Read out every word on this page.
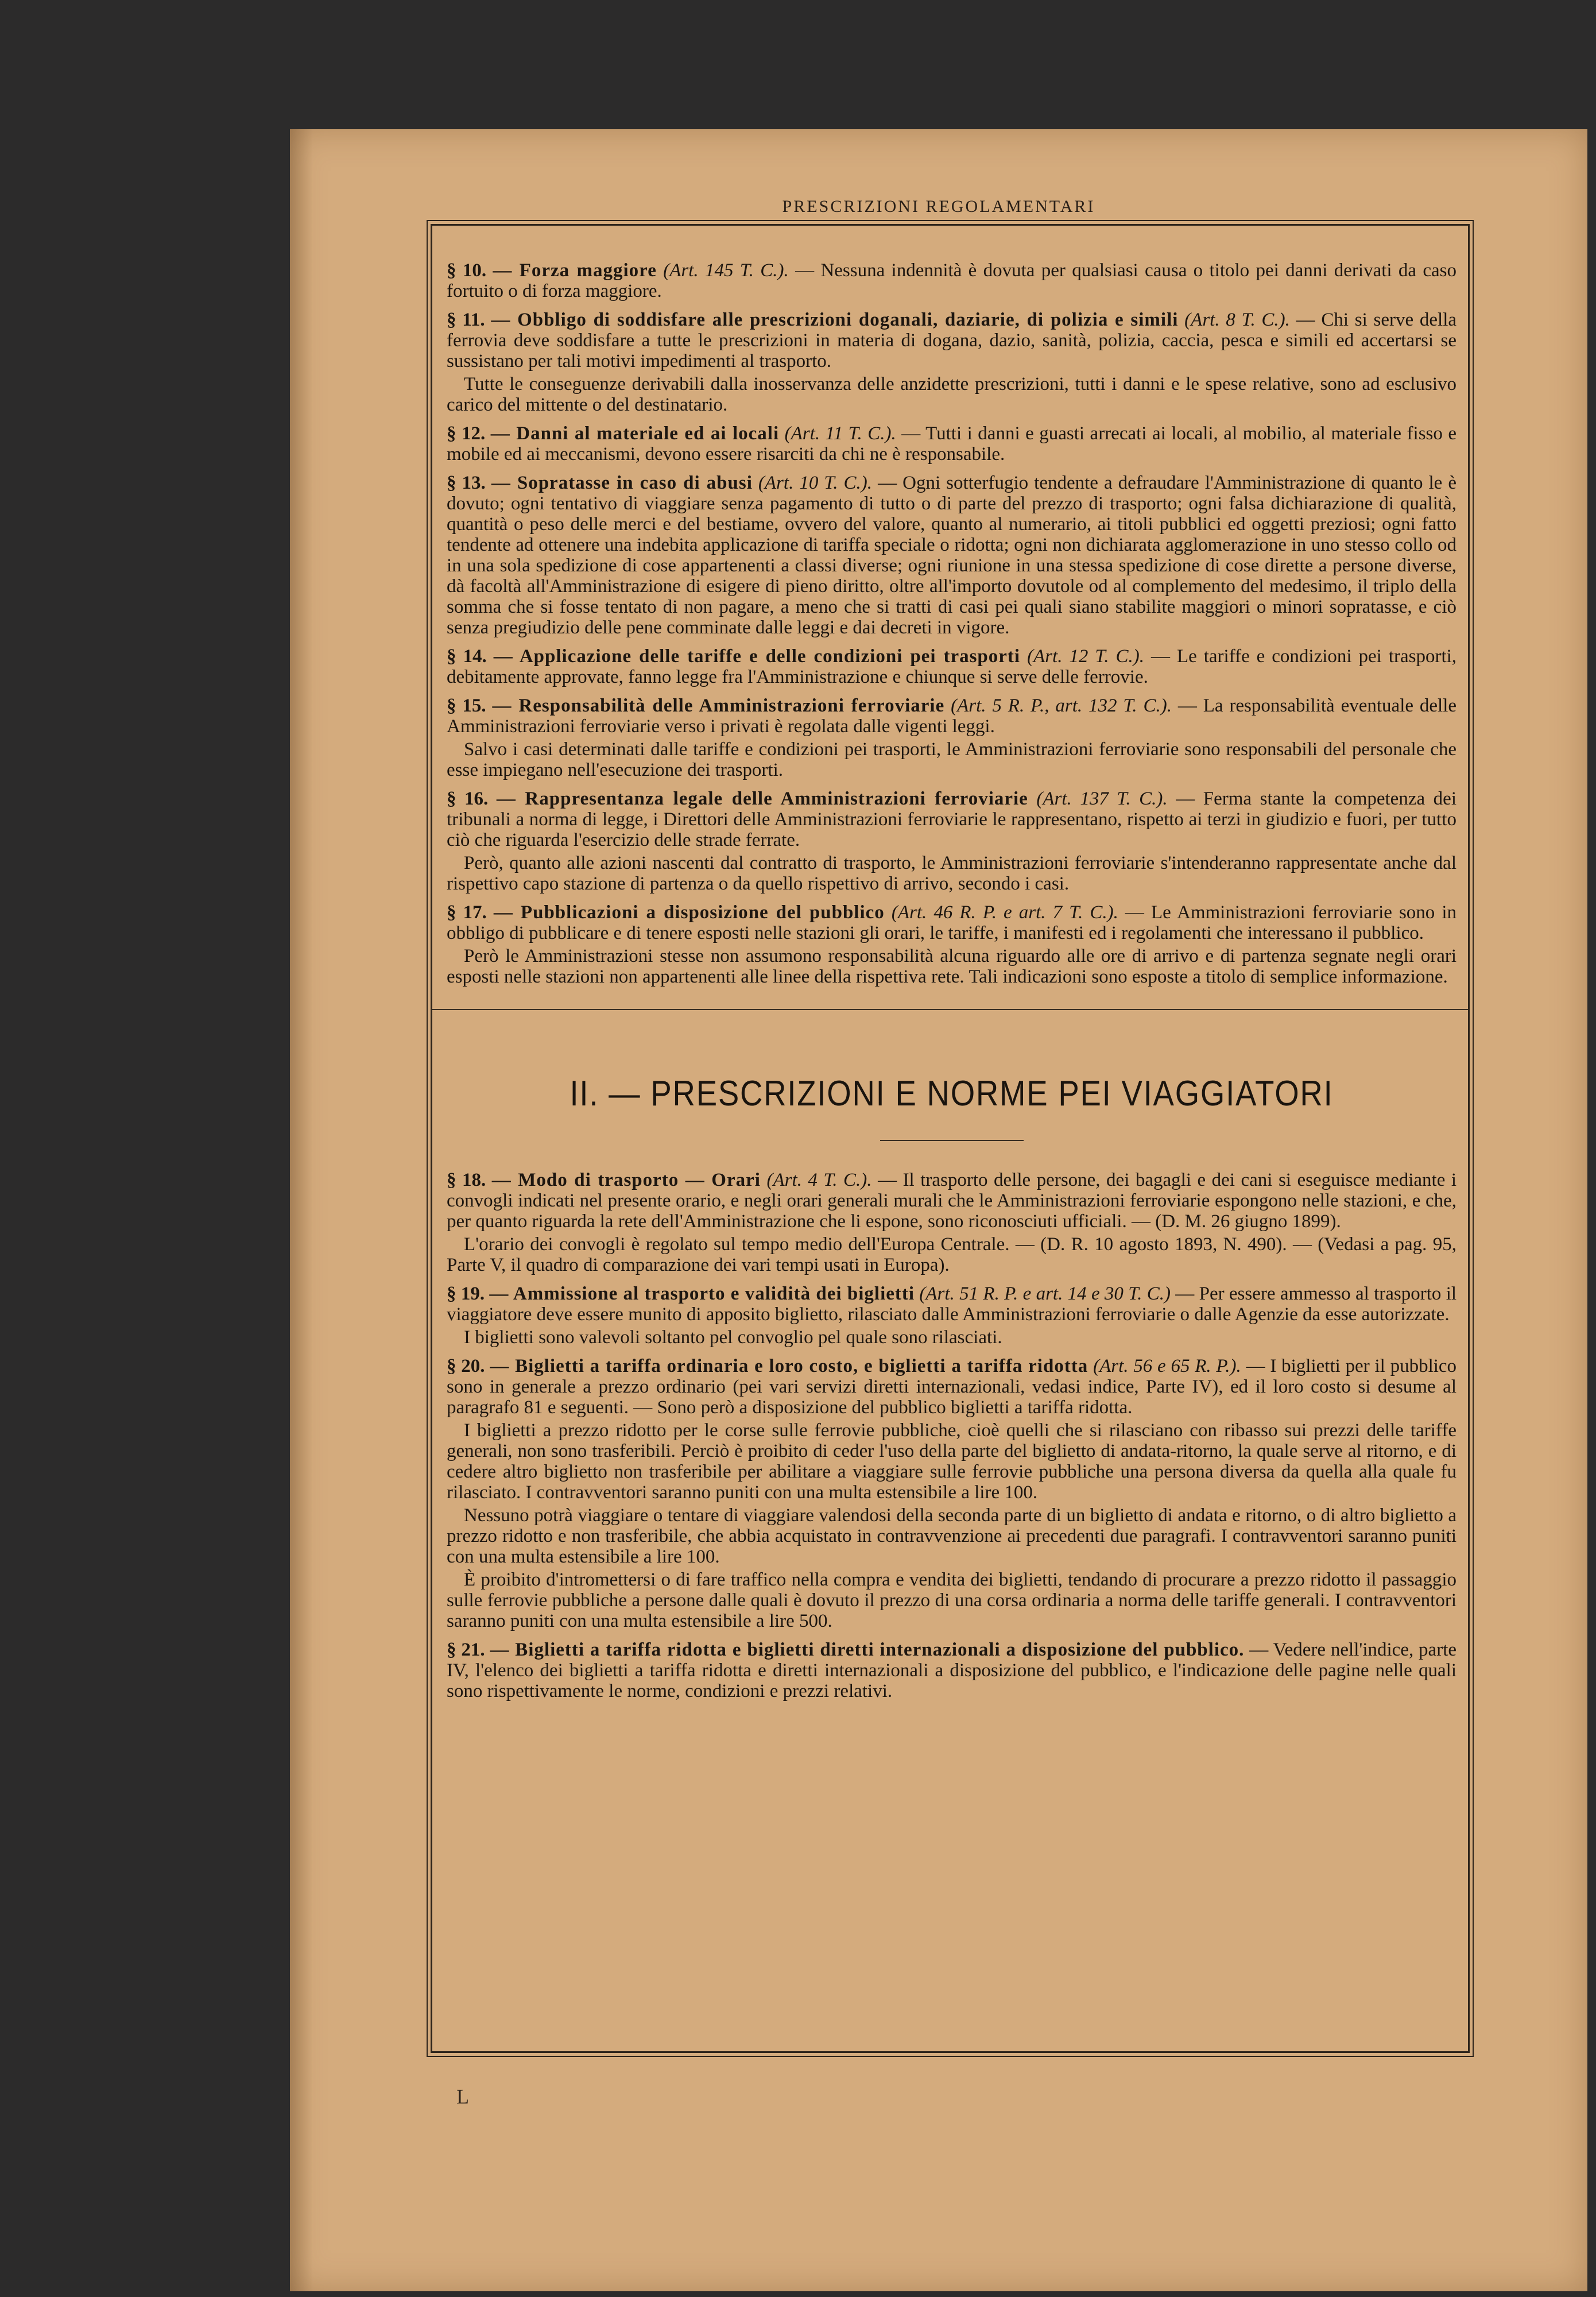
PRESCRIZIONI REGOLAMENTARI

§ 10. — Forza maggiore (Art. 145 T. C.). — Nessuna indennità è dovuta per qualsiasi causa o titolo pei danni derivati da caso fortuito o di forza maggiore.

§ 11. — Obbligo di soddisfare alle prescrizioni doganali, daziarie, di polizia e simili (Art. 8 T. C.). — Chi si serve della ferrovia deve soddisfare a tutte le prescrizioni in materia di dogana, dazio, sanità, polizia, caccia, pesca e simili ed accertarsi se sussistano per tali motivi impedimenti al trasporto.

Tutte le conseguenze derivabili dalla inosservanza delle anzidette prescrizioni, tutti i danni e le spese relative, sono ad esclusivo carico del mittente o del destinatario.

§ 12. — Danni al materiale ed ai locali (Art. 11 T. C.). — Tutti i danni e guasti arrecati ai locali, al mobilio, al materiale fisso e mobile ed ai meccanismi, devono essere risarciti da chi ne è responsabile.

§ 13. — Sopratasse in caso di abusi (Art. 10 T. C.). — Ogni sotterfugio tendente a defraudare l'Amministrazione di quanto le è dovuto; ogni tentativo di viaggiare senza pagamento di tutto o di parte del prezzo di trasporto; ogni falsa dichiarazione di qualità, quantità o peso delle merci e del bestiame, ovvero del valore, quanto al numerario, ai titoli pubblici ed oggetti preziosi; ogni fatto tendente ad ottenere una indebita applicazione di tariffa speciale o ridotta; ogni non dichiarata agglomerazione in uno stesso collo od in una sola spedizione di cose appartenenti a classi diverse; ogni riunione in una stessa spedizione di cose dirette a persone diverse, dà facoltà all'Amministrazione di esigere di pieno diritto, oltre all'importo dovutole od al complemento del medesimo, il triplo della somma che si fosse tentato di non pagare, a meno che si tratti di casi pei quali siano stabilite maggiori o minori sopratasse, e ciò senza pregiudizio delle pene comminate dalle leggi e dai decreti in vigore.

§ 14. — Applicazione delle tariffe e delle condizioni pei trasporti (Art. 12 T. C.). — Le tariffe e condizioni pei trasporti, debitamente approvate, fanno legge fra l'Amministrazione e chiunque si serve delle ferrovie.

§ 15. — Responsabilità delle Amministrazioni ferroviarie (Art. 5 R. P., art. 132 T. C.). — La responsabilità eventuale delle Amministrazioni ferroviarie verso i privati è regolata dalle vigenti leggi.

Salvo i casi determinati dalle tariffe e condizioni pei trasporti, le Amministrazioni ferroviarie sono responsabili del personale che esse impiegano nell'esecuzione dei trasporti.

§ 16. — Rappresentanza legale delle Amministrazioni ferroviarie (Art. 137 T. C.). — Ferma stante la competenza dei tribunali a norma di legge, i Direttori delle Amministrazioni ferroviarie le rappresentano, rispetto ai terzi in giudizio e fuori, per tutto ciò che riguarda l'esercizio delle strade ferrate.

Però, quanto alle azioni nascenti dal contratto di trasporto, le Amministrazioni ferroviarie s'intenderanno rappresentate anche dal rispettivo capo stazione di partenza o da quello rispettivo di arrivo, secondo i casi.

§ 17. — Pubblicazioni a disposizione del pubblico (Art. 46 R. P. e art. 7 T. C.). — Le Amministrazioni ferroviarie sono in obbligo di pubblicare e di tenere esposti nelle stazioni gli orari, le tariffe, i manifesti ed i regolamenti che interessano il pubblico.

Però le Amministrazioni stesse non assumono responsabilità alcuna riguardo alle ore di arrivo e di partenza segnate negli orari esposti nelle stazioni non appartenenti alle linee della rispettiva rete. Tali indicazioni sono esposte a titolo di semplice informazione.

II. — PRESCRIZIONI E NORME PEI VIAGGIATORI

§ 18. — Modo di trasporto — Orari (Art. 4 T. C.). — Il trasporto delle persone, dei bagagli e dei cani si eseguisce mediante i convogli indicati nel presente orario, e negli orari generali murali che le Amministrazioni ferroviarie espongono nelle stazioni, e che, per quanto riguarda la rete dell'Amministrazione che li espone, sono riconosciuti ufficiali. — (D. M. 26 giugno 1899).

L'orario dei convogli è regolato sul tempo medio dell'Europa Centrale. — (D. R. 10 agosto 1893, N. 490). — (Vedasi a pag. 95, Parte V, il quadro di comparazione dei vari tempi usati in Europa).

§ 19. — Ammissione al trasporto e validità dei biglietti (Art. 51 R. P. e art. 14 e 30 T. C.) — Per essere ammesso al trasporto il viaggiatore deve essere munito di apposito biglietto, rilasciato dalle Amministrazioni ferroviarie o dalle Agenzie da esse autorizzate.

I biglietti sono valevoli soltanto pel convoglio pel quale sono rilasciati.

§ 20. — Biglietti a tariffa ordinaria e loro costo, e biglietti a tariffa ridotta (Art. 56 e 65 R. P.). — I biglietti per il pubblico sono in generale a prezzo ordinario (pei vari servizi diretti internazionali, vedasi indice, Parte IV), ed il loro costo si desume al paragrafo 81 e seguenti. — Sono però a disposizione del pubblico biglietti a tariffa ridotta.

I biglietti a prezzo ridotto per le corse sulle ferrovie pubbliche, cioè quelli che si rilasciano con ribasso sui prezzi delle tariffe generali, non sono trasferibili. Perciò è proibito di ceder l'uso della parte del biglietto di andata-ritorno, la quale serve al ritorno, e di cedere altro biglietto non trasferibile per abilitare a viaggiare sulle ferrovie pubbliche una persona diversa da quella alla quale fu rilasciato. I contravventori saranno puniti con una multa estensibile a lire 100.

Nessuno potrà viaggiare o tentare di viaggiare valendosi della seconda parte di un biglietto di andata e ritorno, o di altro biglietto a prezzo ridotto e non trasferibile, che abbia acquistato in contravvenzione ai precedenti due paragrafi. I contravventori saranno puniti con una multa estensibile a lire 100.

È proibito d'intromettersi o di fare traffico nella compra e vendita dei biglietti, tendando di procurare a prezzo ridotto il passaggio sulle ferrovie pubbliche a persone dalle quali è dovuto il prezzo di una corsa ordinaria a norma delle tariffe generali. I contravventori saranno puniti con una multa estensibile a lire 500.

§ 21. — Biglietti a tariffa ridotta e biglietti diretti internazionali a disposizione del pubblico. — Vedere nell'indice, parte IV, l'elenco dei biglietti a tariffa ridotta e diretti internazionali a disposizione del pubblico, e l'indicazione delle pagine nelle quali sono rispettivamente le norme, condizioni e prezzi relativi.

L
